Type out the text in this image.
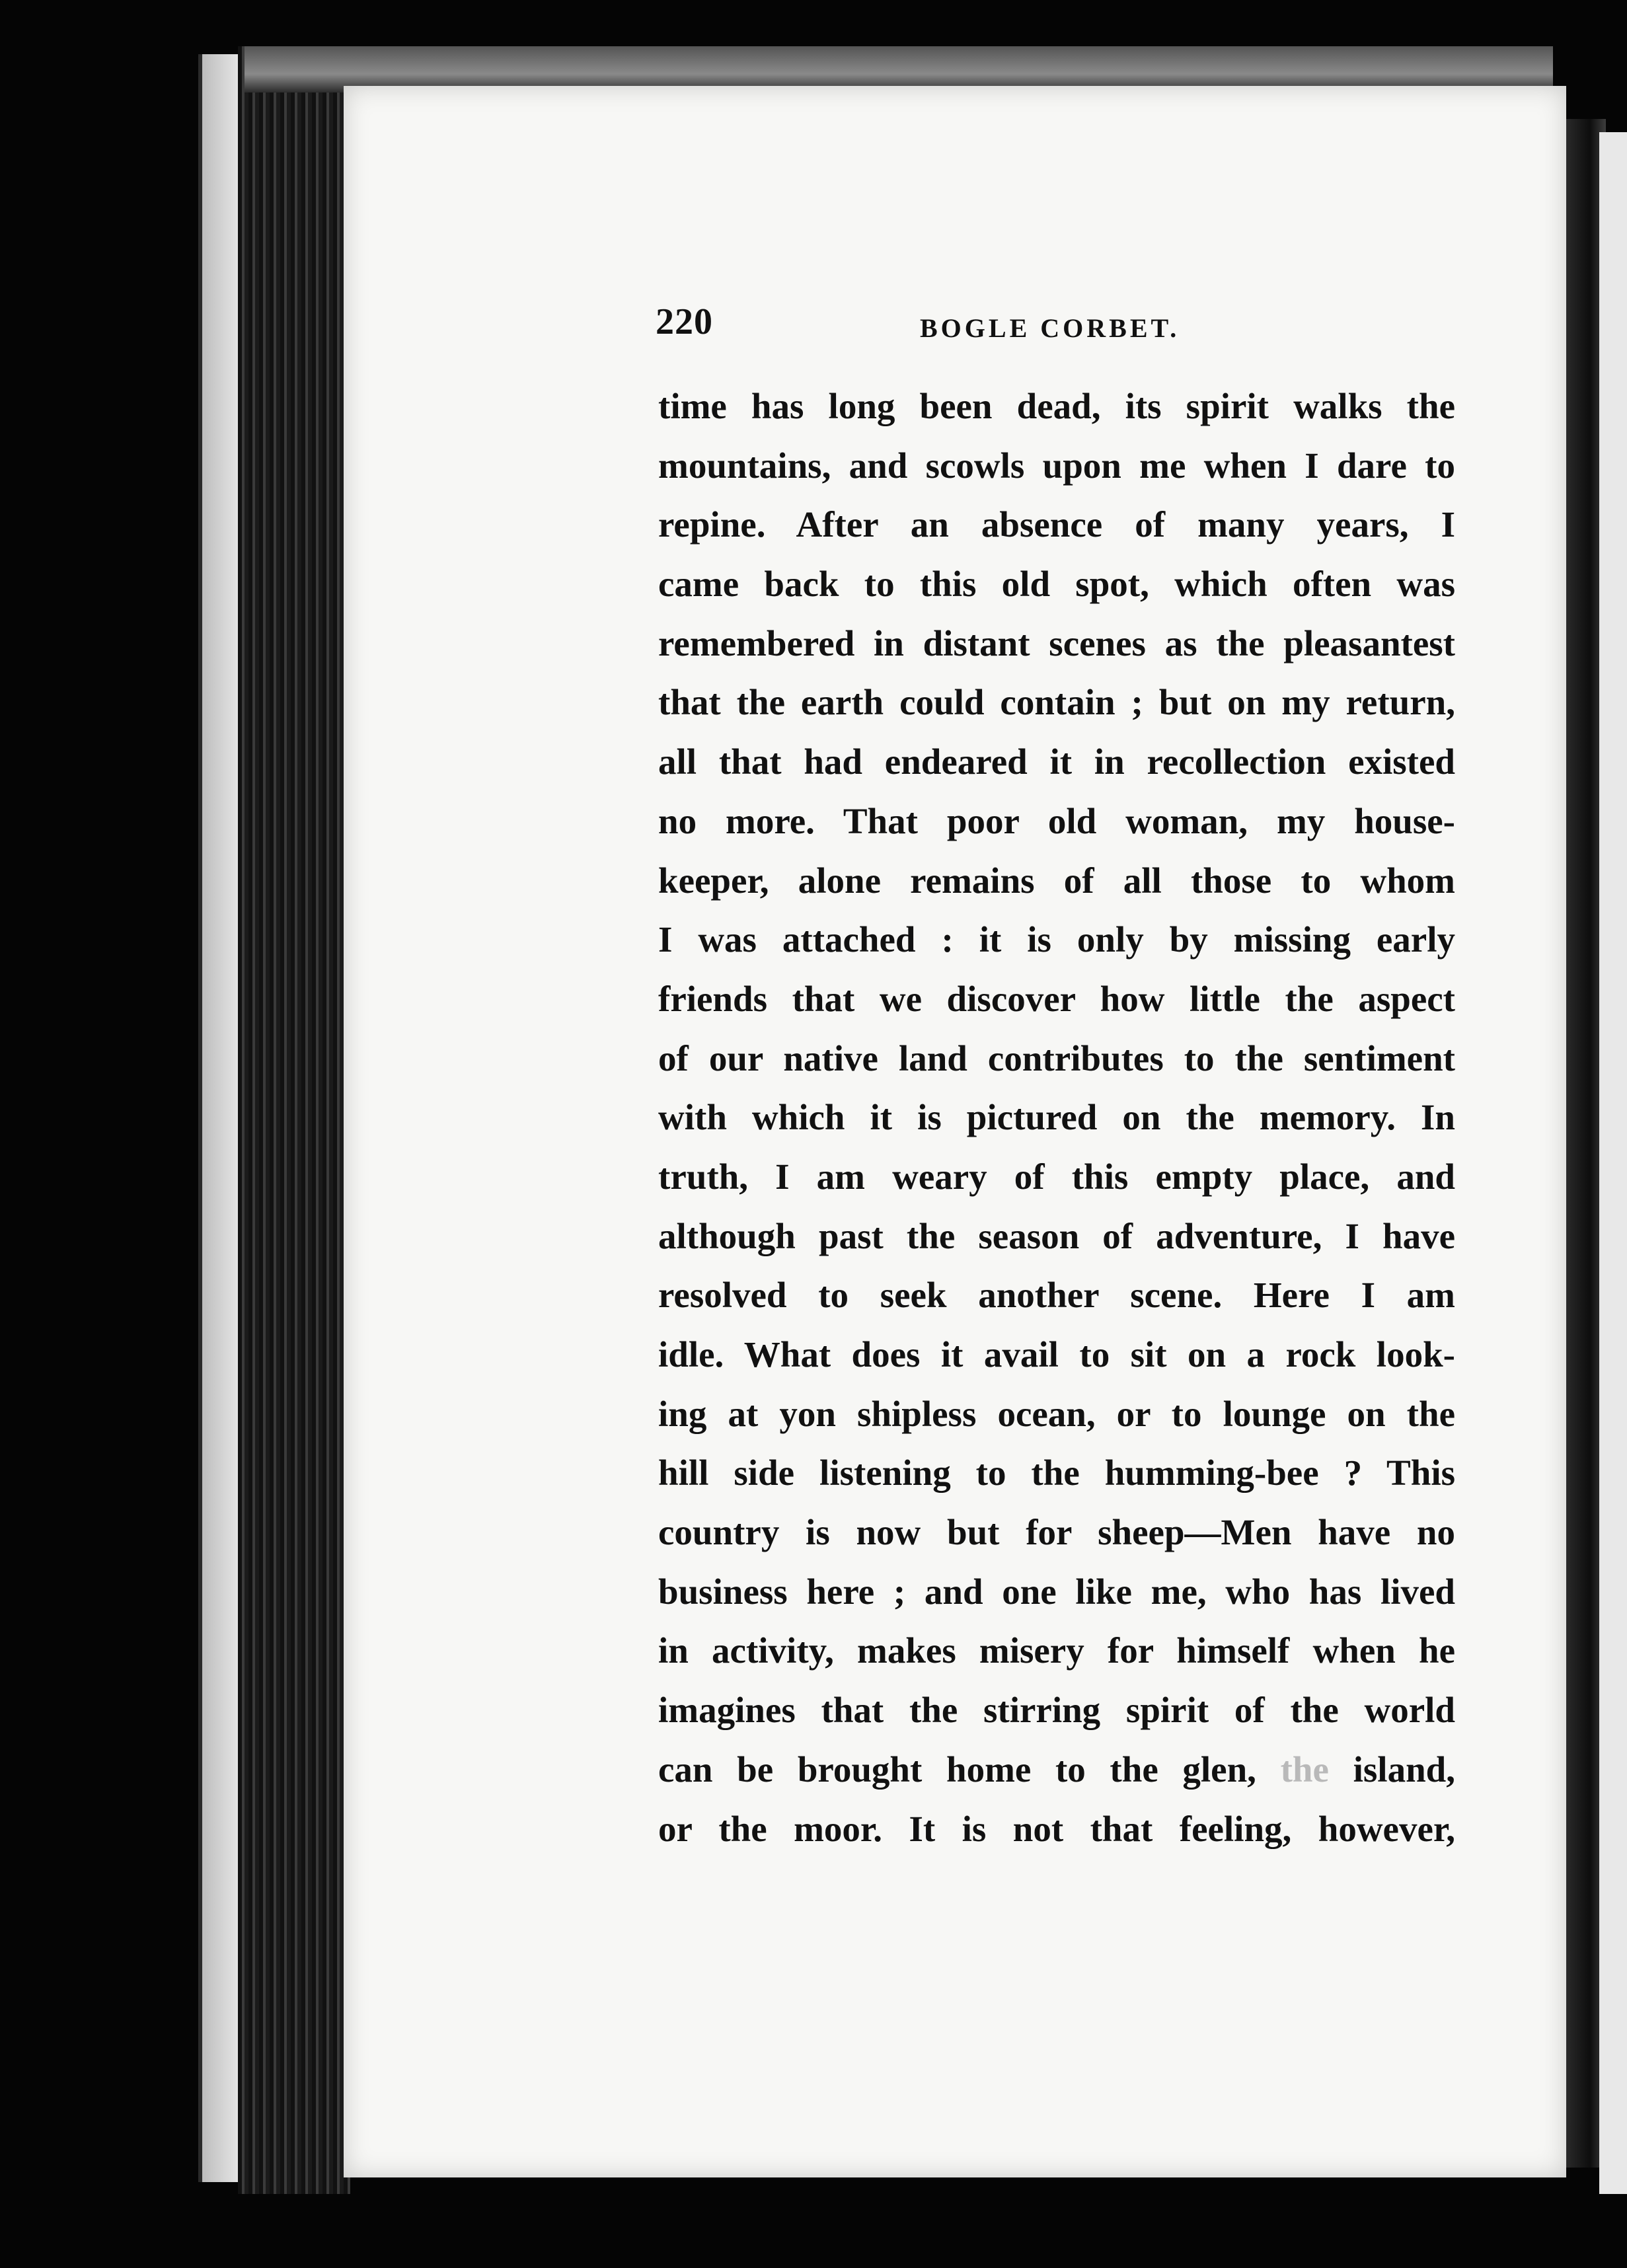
220	BOGLE CORBET.
time has long been dead, its spirit walks the
mountains, and scowls upon me when I dare to
repine. After an absence of many years, I
came back to this old spot, which often was
remembered in distant scenes as the pleasantest
that the earth could contain ; but on my return,
all that had endeared it in recollection existed
no more. That poor old woman, my house-
keeper, alone remains of all those to whom
I was attached : it is only by missing early
friends that we discover how little the aspect
of our native land contributes to the sentiment
with which it is pictured on the memory. In
truth, I am weary of this empty place, and
although past the season of adventure, I have
resolved to seek another scene. Here I am
idle. What does it avail to sit on a rock look-
ing at yon shipless ocean, or to lounge on the
hill side listening to the humming-bee ? This
country is now but for sheep—Men have no
business here ; and one like me, who has lived
in activity, makes misery for himself when he
imagines that the stirring spirit of the world
can be brought home to the glen, the island,
or the moor. It is not that feeling, however,
